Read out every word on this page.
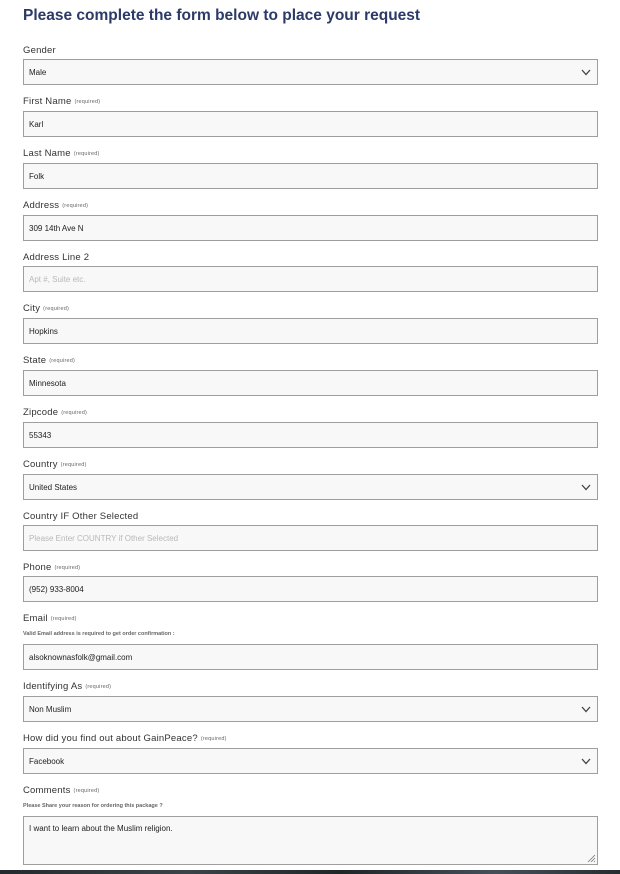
Please complete the form below to place your request
Gender
Male
First Name (required)
Karl
Last Name (required)
Folk
Address (required)
309 14th Ave N
Address Line 2
Apt #, Suite etc.
City (required)
Hopkins
State (required)
Minnesota
Zipcode (required)
55343
Country (required)
United States
Country IF Other Selected
Please Enter COUNTRY if Other Selected
Phone (required)
(952) 933-8004
Email (required)
Valid Email address is required to get order confirmation :
alsoknownasfolk@gmail.com
Identifying As (required)
Non Muslim
How did you find out about GainPeace? (required)
Facebook
Comments (required)
Please Share your reason for ordering this package ?
I want to learn about the Muslim religion.
